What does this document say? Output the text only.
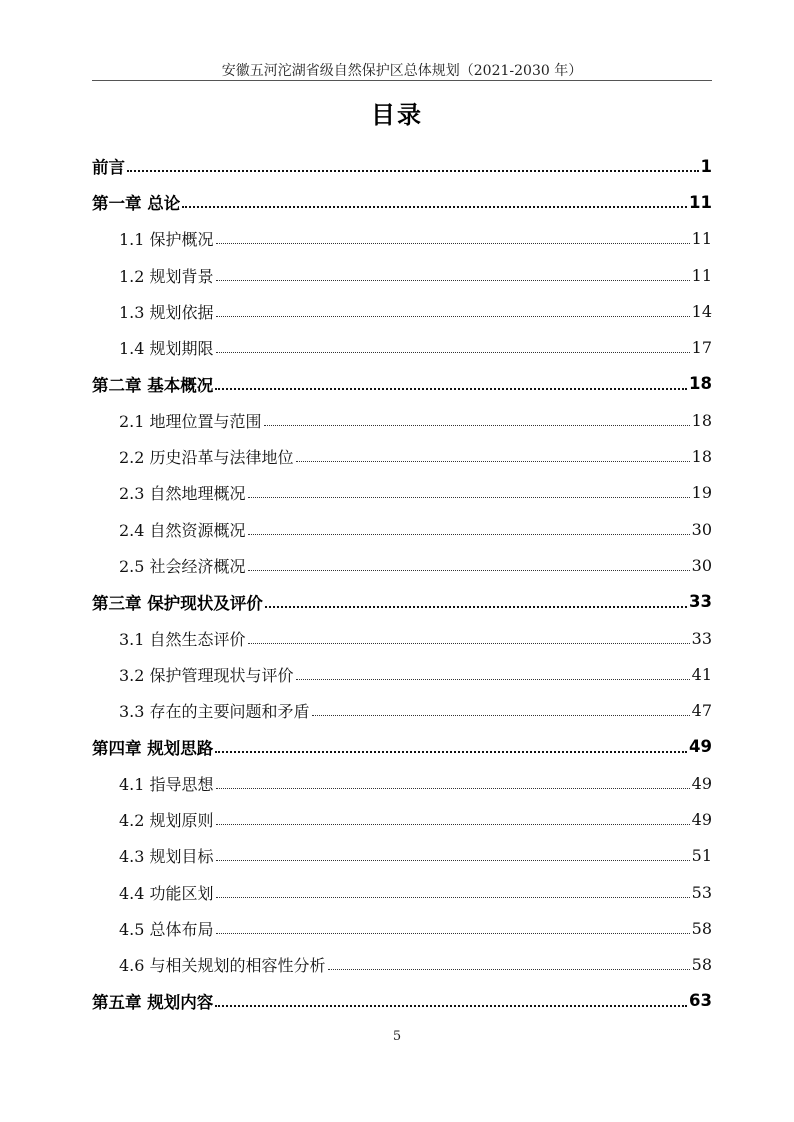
安徽五河沱湖省级自然保护区总体规划（2021-2030 年）
目录
前言	1
第一章 总论	11
1.1 保护概况	11
1.2 规划背景	11
1.3 规划依据	14
1.4 规划期限	17
第二章 基本概况	18
2.1 地理位置与范围	18
2.2 历史沿革与法律地位	18
2.3 自然地理概况	19
2.4 自然资源概况	30
2.5 社会经济概况	30
第三章 保护现状及评价	33
3.1 自然生态评价	33
3.2 保护管理现状与评价	41
3.3 存在的主要问题和矛盾	47
第四章 规划思路	49
4.1 指导思想	49
4.2 规划原则	49
4.3 规划目标	51
4.4 功能区划	53
4.5 总体布局	58
4.6 与相关规划的相容性分析	58
第五章 规划内容	63
5
